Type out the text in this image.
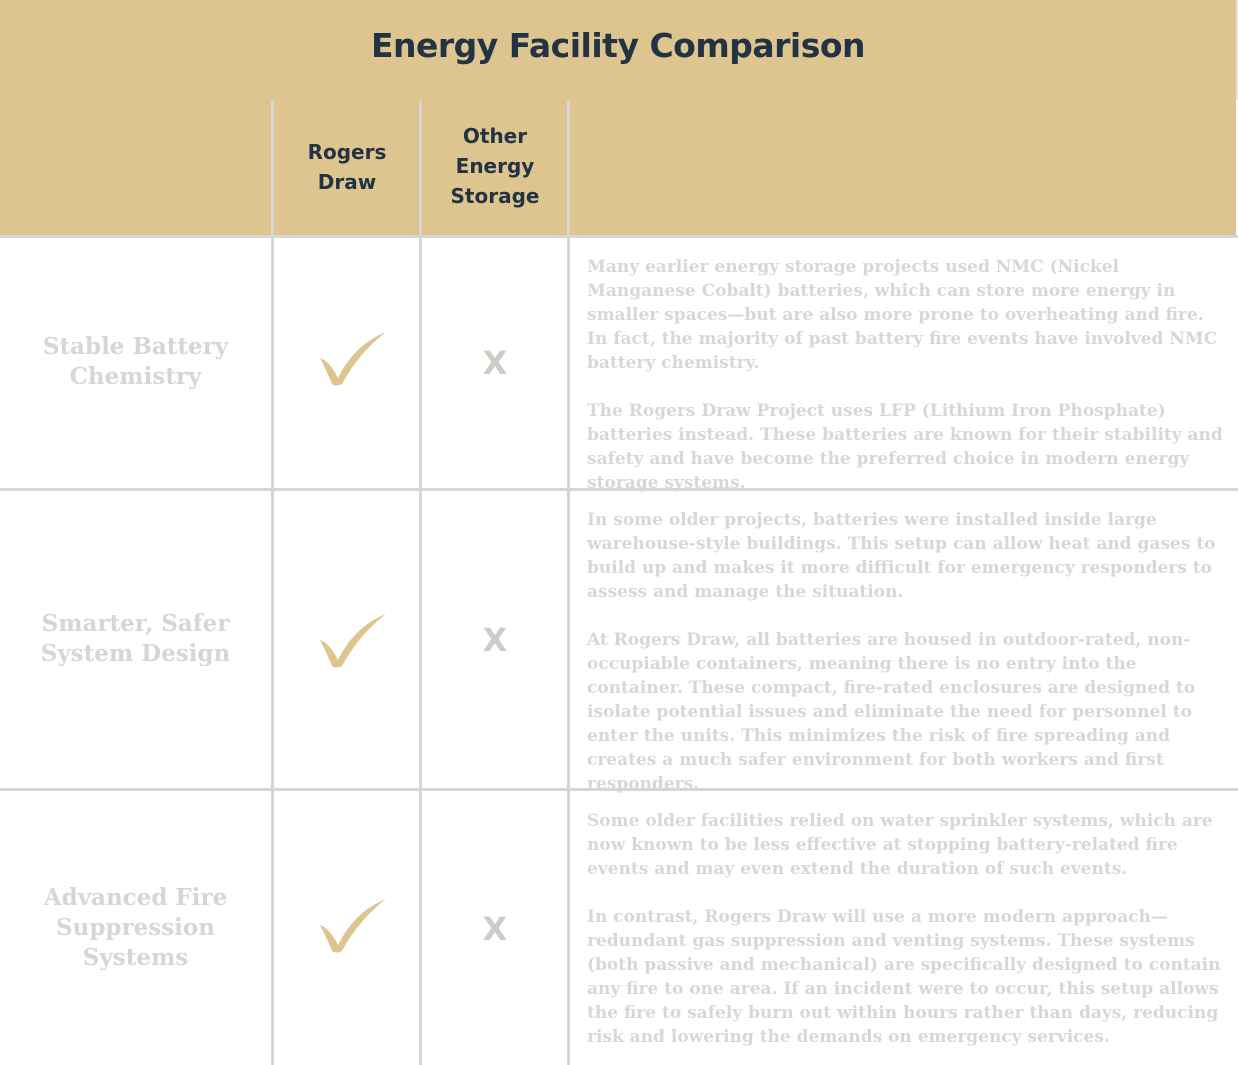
Energy Facility Comparison
Rogers
Draw
Other
Energy
Storage
Stable Battery
Chemistry	X

Many earlier energy storage projects used NMC (Nickel Manganese Cobalt) batteries, which can store more energy in smaller spaces—but are also more prone to overheating and fire. In fact, the majority of past battery fire events have involved NMC battery chemistry.

The Rogers Draw Project uses LFP (Lithium Iron Phosphate) batteries instead. These batteries are known for their stability and safety and have become the preferred choice in modern energy storage systems.

Smarter, Safer
System Design	X

In some older projects, batteries were installed inside large warehouse-style buildings. This setup can allow heat and gases to build up and makes it more difficult for emergency responders to assess and manage the situation.

At Rogers Draw, all batteries are housed in outdoor-rated, non-occupiable containers, meaning there is no entry into the container. These compact, fire-rated enclosures are designed to isolate potential issues and eliminate the need for personnel to enter the units. This minimizes the risk of fire spreading and creates a much safer environment for both workers and first responders.

Advanced Fire
Suppression
Systems
X

Some older facilities relied on water sprinkler systems, which are now known to be less effective at stopping battery-related fire events and may even extend the duration of such events.

In contrast, Rogers Draw will use a more modern approach—redundant gas suppression and venting systems. These systems (both passive and mechanical) are specifically designed to contain any fire to one area. If an incident were to occur, this setup allows the fire to safely burn out within hours rather than days, reducing risk and lowering the demands on emergency services.
